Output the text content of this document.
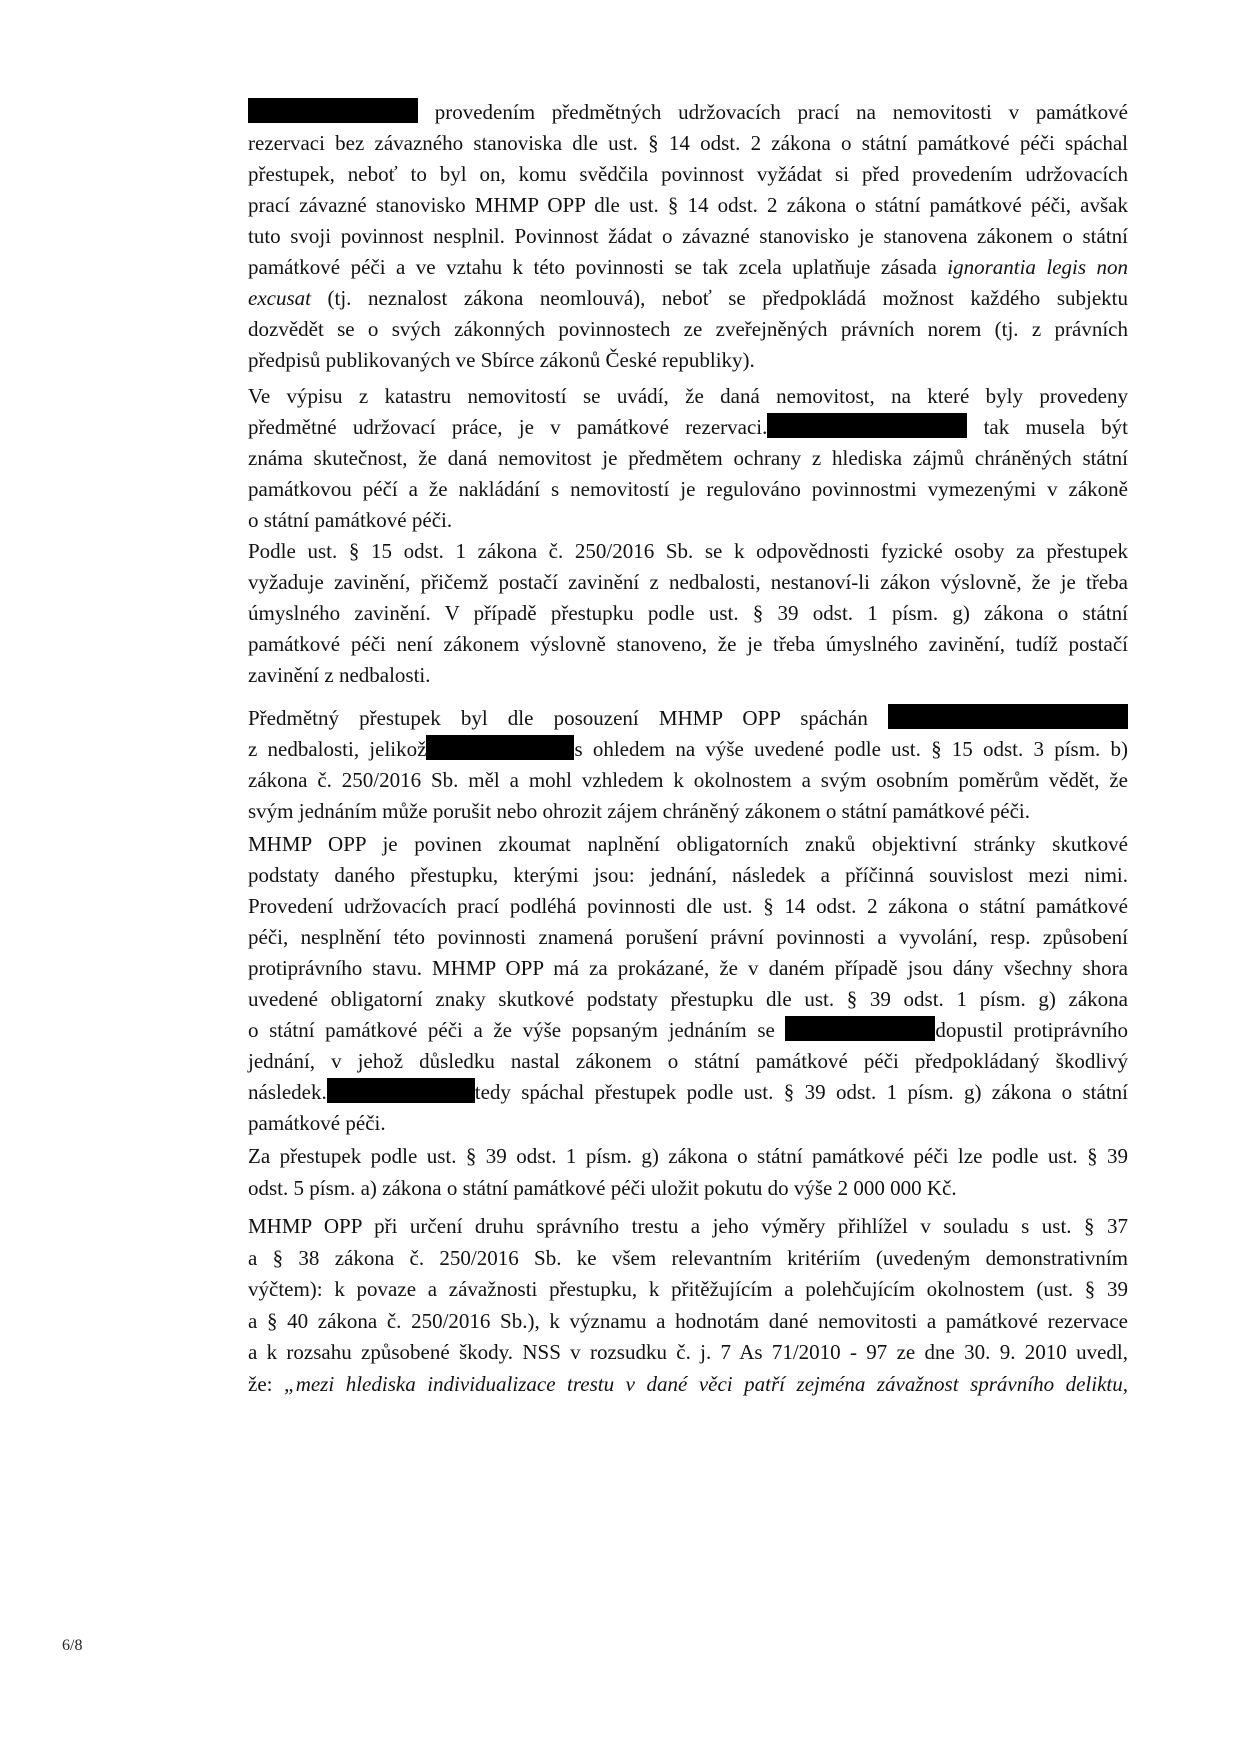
provedením předmětných udržovacích prací na nemovitosti v památkové
rezervaci bez závazného stanoviska dle ust. § 14 odst. 2 zákona o státní památkové péči spáchal
přestupek, neboť to byl on, komu svědčila povinnost vyžádat si před provedením udržovacích
prací závazné stanovisko MHMP OPP dle ust. § 14 odst. 2 zákona o státní památkové péči, avšak
tuto svoji povinnost nesplnil. Povinnost žádat o závazné stanovisko je stanovena zákonem o státní
památkové péči a ve vztahu k této povinnosti se tak zcela uplatňuje zásada ignorantia legis non
excusat (tj. neznalost zákona neomlouvá), neboť se předpokládá možnost každého subjektu
dozvědět se o svých zákonných povinnostech ze zveřejněných právních norem (tj. z právních
předpisů publikovaných ve Sbírce zákonů České republiky).
Ve výpisu z katastru nemovitostí se uvádí, že daná nemovitost, na které byly provedeny
předmětné udržovací práce, je v památkové rezervaci.	tak musela být
známa skutečnost, že daná nemovitost je předmětem ochrany z hlediska zájmů chráněných státní
památkovou péčí a že nakládání s nemovitostí je regulováno povinnostmi vymezenými v zákoně
o státní památkové péči.
Podle ust. § 15 odst. 1 zákona č. 250/2016 Sb. se k odpovědnosti fyzické osoby za přestupek
vyžaduje zavinění, přičemž postačí zavinění z nedbalosti, nestanoví-li zákon výslovně, že je třeba
úmyslného zavinění. V případě přestupku podle ust. § 39 odst. 1 písm. g) zákona o státní
památkové péči není zákonem výslovně stanoveno, že je třeba úmyslného zavinění, tudíž postačí
zavinění z nedbalosti.
Předmětný přestupek byl dle posouzení MHMP OPP spáchán
z nedbalosti, jelikož	s ohledem na výše uvedené podle ust. § 15 odst. 3 písm. b)
zákona č. 250/2016 Sb. měl a mohl vzhledem k okolnostem a svým osobním poměrům vědět, že
svým jednáním může porušit nebo ohrozit zájem chráněný zákonem o státní památkové péči.
MHMP OPP je povinen zkoumat naplnění obligatorních znaků objektivní stránky skutkové
podstaty daného přestupku, kterými jsou: jednání, následek a příčinná souvislost mezi nimi.
Provedení udržovacích prací podléhá povinnosti dle ust. § 14 odst. 2 zákona o státní památkové
péči, nesplnění této povinnosti znamená porušení právní povinnosti a vyvolání, resp. způsobení
protiprávního stavu. MHMP OPP má za prokázané, že v daném případě jsou dány všechny shora
uvedené obligatorní znaky skutkové podstaty přestupku dle ust. § 39 odst. 1 písm. g) zákona
o státní památkové péči a že výše popsaným jednáním se	dopustil protiprávního
jednání, v jehož důsledku nastal zákonem o státní památkové péči předpokládaný škodlivý
následek.	tedy spáchal přestupek podle ust. § 39 odst. 1 písm. g) zákona o státní
památkové péči.
Za přestupek podle ust. § 39 odst. 1 písm. g) zákona o státní památkové péči lze podle ust. § 39
odst. 5 písm. a) zákona o státní památkové péči uložit pokutu do výše 2 000 000 Kč.
MHMP OPP při určení druhu správního trestu a jeho výměry přihlížel v souladu s ust. § 37
a § 38 zákona č. 250/2016 Sb. ke všem relevantním kritériím (uvedeným demonstrativním
výčtem): k povaze a závažnosti přestupku, k přitěžujícím a polehčujícím okolnostem (ust. § 39
a § 40 zákona č. 250/2016 Sb.), k významu a hodnotám dané nemovitosti a památkové rezervace
a k rozsahu způsobené škody. NSS v rozsudku č. j. 7 As 71/2010 - 97 ze dne 30. 9. 2010 uvedl,
že: „mezi hlediska individualizace trestu v dané věci patří zejména závažnost správního deliktu,
6/8
